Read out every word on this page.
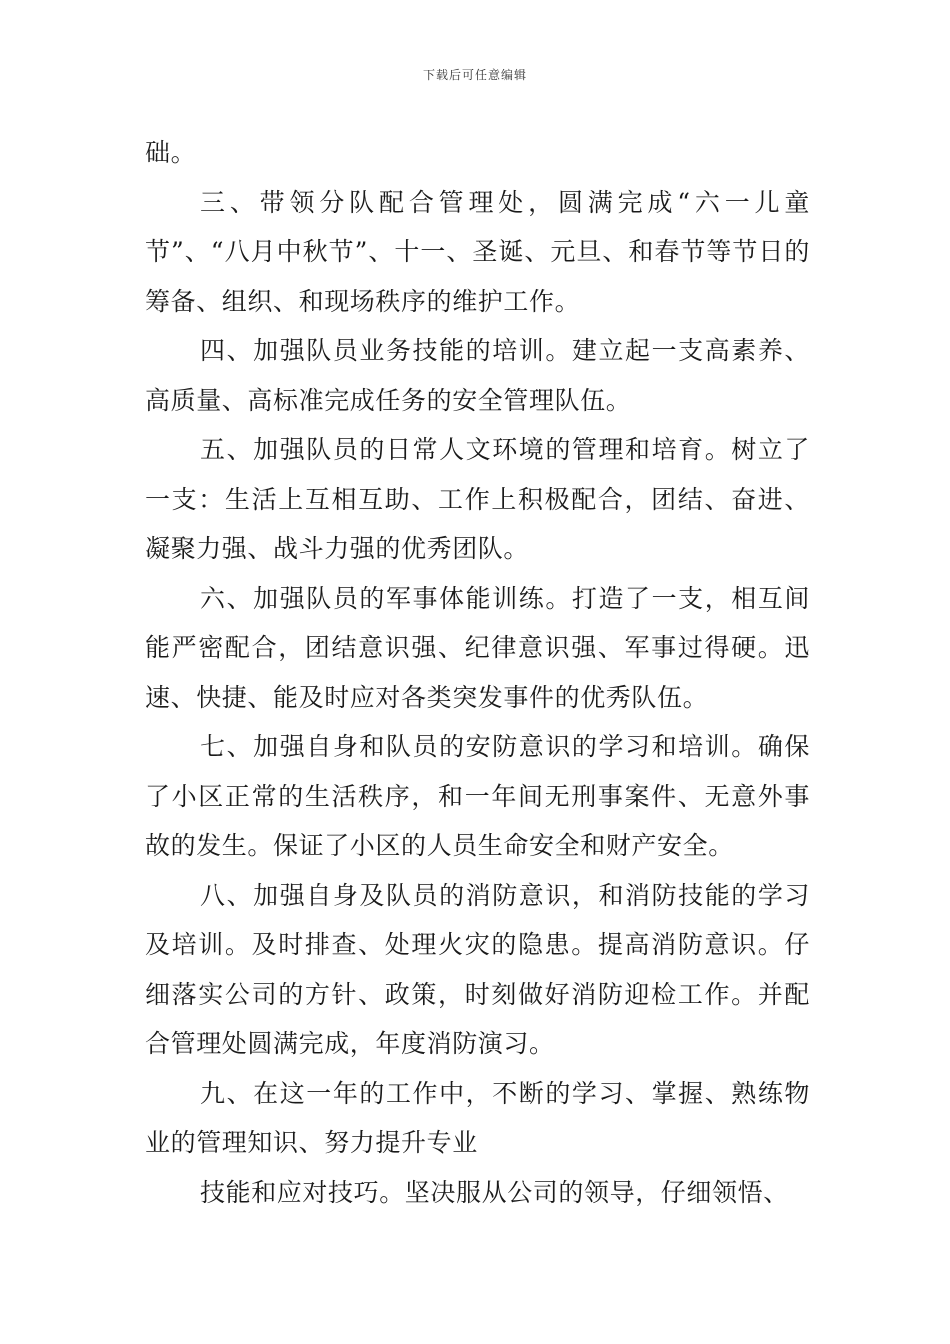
下载后可任意编辑

础。

三、带领分队配合管理处，圆满完成“六一儿童节”、“八月中秋节”、十一、圣诞、元旦、和春节等节日的筹备、组织、和现场秩序的维护工作。

四、加强队员业务技能的培训。建立起一支高素养、高质量、高标准完成任务的安全管理队伍。

五、加强队员的日常人文环境的管理和培育。树立了一支：生活上互相互助、工作上积极配合，团结、奋进、凝聚力强、战斗力强的优秀团队。

六、加强队员的军事体能训练。打造了一支，相互间能严密配合，团结意识强、纪律意识强、军事过得硬。迅速、快捷、能及时应对各类突发事件的优秀队伍。

七、加强自身和队员的安防意识的学习和培训。确保了小区正常的生活秩序，和一年间无刑事案件、无意外事故的发生。保证了小区的人员生命安全和财产安全。

八、加强自身及队员的消防意识，和消防技能的学习及培训。及时排查、处理火灾的隐患。提高消防意识。仔细落实公司的方针、政策，时刻做好消防迎检工作。并配合管理处圆满完成，年度消防演习。

九、在这一年的工作中，不断的学习、掌握、熟练物业的管理知识、努力提升专业

技能和应对技巧。坚决服从公司的领导，仔细领悟、
